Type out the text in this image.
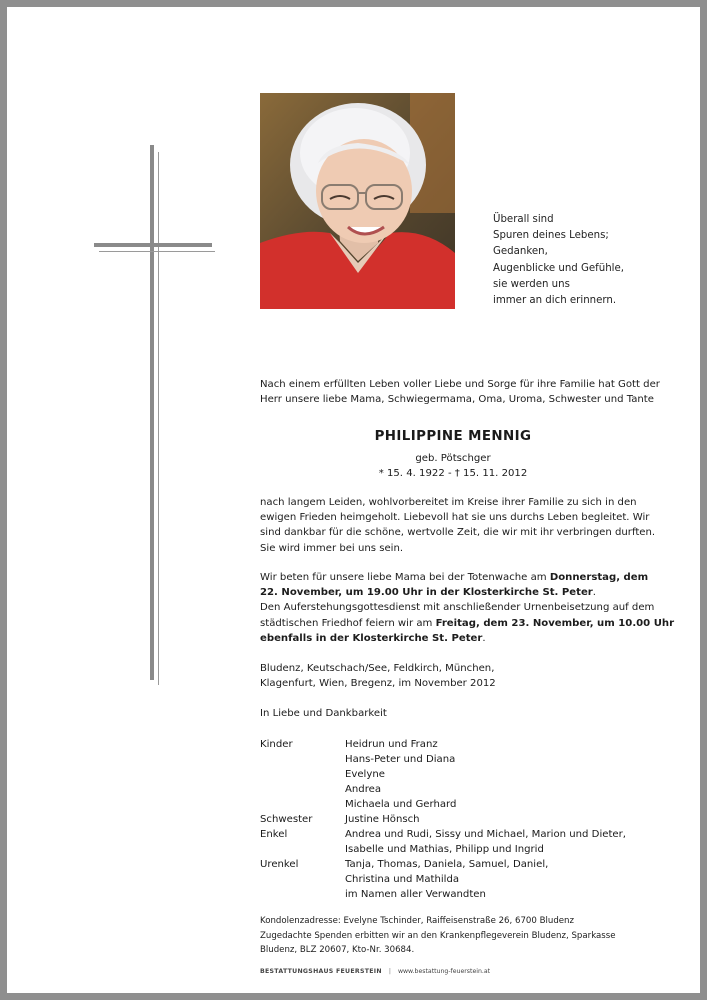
Überall sind
Spuren deines Lebens;
Gedanken,
Augenblicke und Gefühle,
sie werden uns
immer an dich erinnern.

Nach einem erfüllten Leben voller Liebe und Sorge für ihre Familie hat Gott der

Herr unsere liebe Mama, Schwiegermama, Oma, Uroma, Schwester und Tante

PHILIPPINE MENNIG
geb. Pötschger
* 15. 4. 1922 - † 15. 11. 2012

nach langem Leiden, wohlvorbereitet im Kreise ihrer Familie zu sich in den

ewigen Frieden heimgeholt. Liebevoll hat sie uns durchs Leben begleitet. Wir

sind dankbar für die schöne, wertvolle Zeit, die wir mit ihr verbringen durften.

Sie wird immer bei uns sein.

Wir beten für unsere liebe Mama bei der Totenwache am Donnerstag, dem

22. November, um 19.00 Uhr in der Klosterkirche St. Peter.

Den Auferstehungsgottesdienst mit anschließender Urnenbeisetzung auf dem

städtischen Friedhof feiern wir am Freitag, dem 23. November, um 10.00 Uhr

ebenfalls in der Klosterkirche St. Peter.

Bludenz, Keutschach/See, Feldkirch, München,

Klagenfurt, Wien, Bregenz, im November 2012

In Liebe und Dankbarkeit

Kinder	Heidrun und Franz
Hans-Peter und Diana
Evelyne
Andrea
Michaela und Gerhard
Schwester	Justine Hönsch
Enkel	Andrea und Rudi, Sissy und Michael, Marion und Dieter,
Isabelle und Mathias, Philipp und Ingrid
Urenkel	Tanja, Thomas, Daniela, Samuel, Daniel,
Christina und Mathilda
im Namen aller Verwandten

Kondolenzadresse: Evelyne Tschinder, Raiffeisenstraße 26, 6700 Bludenz

Zugedachte Spenden erbitten wir an den Krankenpflegeverein Bludenz, Sparkasse

Bludenz, BLZ 20607, Kto-Nr. 30684.

BESTATTUNGSHAUS FEUERSTEIN | www.bestattung-feuerstein.at
